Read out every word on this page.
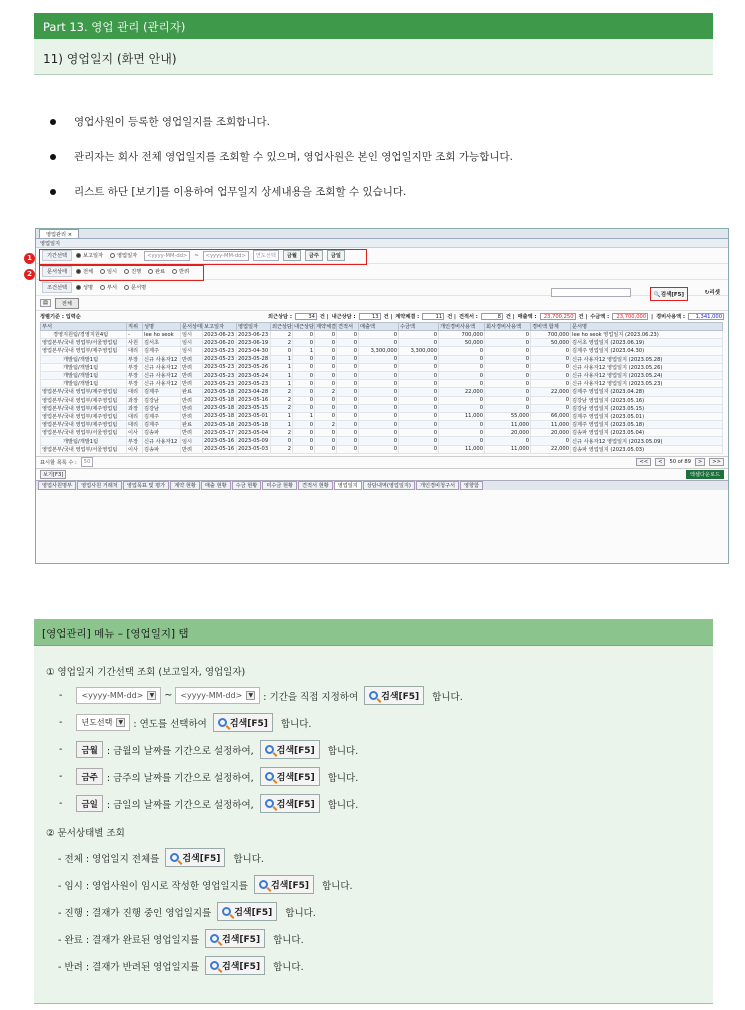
Part 13. 영업 관리 (관리자)
11) 영업일지 (화면 안내)
영업사원이 등록한 영업일지를 조회합니다.
관리자는 회사 전체 영업일지를 조회할 수 있으며, 영업사원은 본인 영업일지만 조회 가능합니다.
리스트 하단 [보기]를 이용하여 업무일지 상세내용을 조회할 수 있습니다.
영업관리 ×
영업일지
기간선택	보고일자	영업일자	<yyyy-MM-dd>	~	<yyyy-MM-dd>	연도선택	금월	금주	금일
문서상태	전체	임시	진행	완료	반려
조건선택	성명	부서	문서명
🔍검색[F5]	↻리셋
1
2
▤	전체
정렬기준 : 입력순	외근상담 :	34 건 | 내근상담 :	13 건 | 계약체결 :	11 건 | 견적서 :	8 건 | 매출액 :	23,700,250 건 | 수금액 :	23,700,000 | 경비사용액 :	1,341,000
부서	직위	성명	문서상태	보고일자	영업일자	외근상담	내근상담	계약체결	견적서	매출액	수금액	개인경비사용액	회사경비사용액	경비액 합계	문서명
경영지원팀/경영지원4팀	-	lee ho seok	임시	2023-06-23	2023-06-23	2	0	0	0	0	0	700,000	0	700,000	lee ho seok 영업일지 (2023.06.23)
영업본부/국내 영업부/서울영업팀	사원	김서초	임시	2023-06-20	2023-06-19	2	0	0	0	0	0	50,000	0	50,000	김서초 영업일지 (2023.06.19)
영업본부/국내 영업부/제주영업팀	대리	김제주	임시	2023-05-23	2023-04-30	0	1	0	0	3,300,000	3,300,000	0	0	0	김제주 영업일지 (2023.04.30)
개발팀/개발1팀	부장	신규 사용자12	반려	2023-05-23	2023-05-28	1	0	0	0	0	0	0	0	0	신규 사용자12 영업일지 (2023.05.28)
개발팀/개발1팀	부장	신규 사용자12	반려	2023-05-23	2023-05-26	1	0	0	0	0	0	0	0	0	신규 사용자12 영업일지 (2023.05.26)
개발팀/개발1팀	부장	신규 사용자12	반려	2023-05-23	2023-05-24	1	0	0	0	0	0	0	0	0	신규 사용자12 영업일지 (2023.05.24)
개발팀/개발1팀	부장	신규 사용자12	반려	2023-05-23	2023-05-23	1	0	0	0	0	0	0	0	0	신규 사용자12 영업일지 (2023.05.23)
영업본부/국내 영업부/제주영업팀	대리	김제주	완료	2023-05-18	2023-04-28	2	0	2	0	0	0	22,000	0	22,000	김제주 영업일지 (2023.04.28)
영업본부/국내 영업부/제주영업팀	과장	김강남	반려	2023-05-18	2023-05-16	2	0	0	0	0	0	0	0	0	김강남 영업일지 (2023.05.16)
영업본부/국내 영업부/제주영업팀	과장	김강남	반려	2023-05-18	2023-05-15	2	0	0	0	0	0	0	0	0	김강남 영업일지 (2023.05.15)
영업본부/국내 영업부/제주영업팀	대리	김제주	반려	2023-05-18	2023-05-01	1	1	0	0	0	0	11,000	55,000	66,000	김제주 영업일지 (2023.05.01)
영업본부/국내 영업부/제주영업팀	대리	김제주	완료	2023-05-18	2023-05-18	1	0	2	0	0	0	0	11,000	11,000	김제주 영업일지 (2023.05.18)
영업본부/국내 영업부/서울영업팀	이사	김송파	반려	2023-05-17	2023-05-04	2	0	0	0	0	0	0	20,000	20,000	김송파 영업일지 (2023.05.04)
개발팀/개발1팀	부장	신규 사용자12	임시	2023-05-16	2023-05-09	0	0	0	0	0	0	0	0	0	신규 사용자12 영업일지 (2023.05.09)
영업본부/국내 영업부/서울영업팀	이사	김송파	반려	2023-05-16	2023-05-03	2	0	0	0	0	0	11,000	11,000	22,000	김송파 영업일지 (2023.05.03)
표시할 목록 수 :	50	<<	<	50 of 89	>	>>
보기[F3]	엑셀다운로드
영업사원명부	영업사원 거래처	영업목표 및 평가	계약 현황	매출 현황	수금 현황	미수금 현황	견적서 현황	영업일지	상담내역(영업일지)	개인경비청구서	영향함
[영업관리] 메뉴 – [영업일지] 탭
① 영업일지 기간선택 조회 (보고일자, 영업일자)
- <yyyy-MM-dd>	▼ ~ <yyyy-MM-dd>	▼ : 기간을 직접 지정하여	검색[F5] 합니다.
- 년도선택	▼ : 연도를 선택하여	검색[F5] 합니다.
-	금월 : 금월의 날짜를 기간으로 설정하여,	검색[F5] 합니다.
-	금주 : 금주의 날짜를 기간으로 설정하여,	검색[F5] 합니다.
-	금일 : 금일의 날짜를 기간으로 설정하여,	검색[F5] 합니다.
② 문서상태별 조회
- 전체 : 영업일지 전체를	검색[F5] 합니다.
- 임시 : 영업사원이 임시로 작성한 영업일지를	검색[F5] 합니다.
- 진행 : 결재가 진행 중인 영업일지를	검색[F5] 합니다.
- 완료 : 결재가 완료된 영업일지를	검색[F5] 합니다.
- 반려 : 결재가 반려된 영업일지를	검색[F5] 합니다.
